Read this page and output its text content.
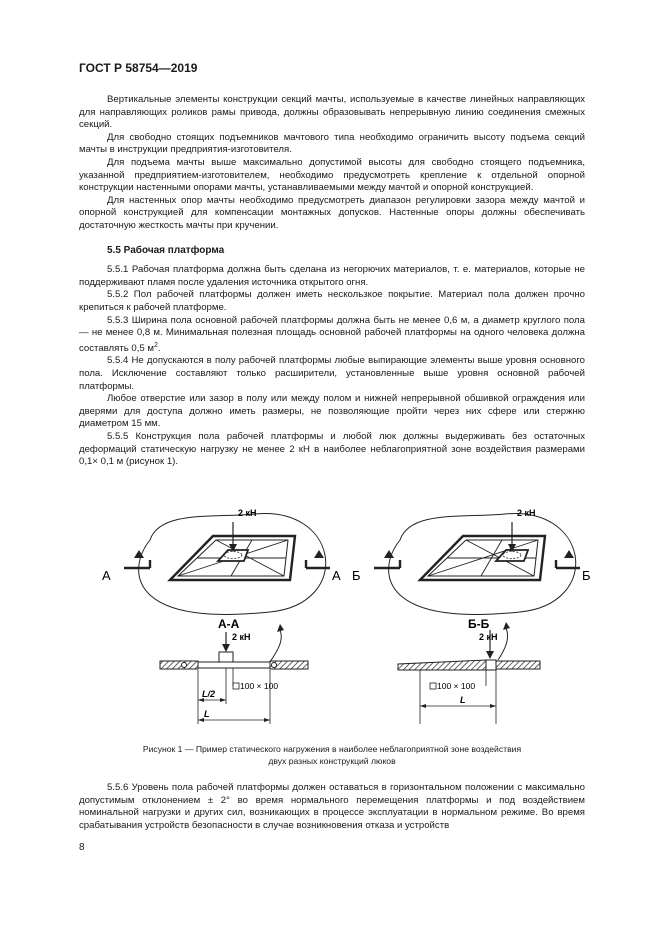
ГОСТ Р 58754—2019

Вертикальные элементы конструкции секций мачты, используемые в качестве линейных направляющих для направляющих роликов рамы привода, должны образовывать непрерывную линию соединения смежных секций.

Для свободно стоящих подъемников мачтового типа необходимо ограничить высоту подъема секций мачты в инструкции предприятия-изготовителя.

Для подъема мачты выше максимально допустимой высоты для свободно стоящего подъемника, указанной предприятием-изготовителем, необходимо предусмотреть крепление к отдельной опорной конструкции настенными опорами мачты, устанавливаемыми между мачтой и опорной конструкцией.

Для настенных опор мачты необходимо предусмотреть диапазон регулировки зазора между мачтой и опорной конструкцией для компенсации монтажных допусков. Настенные опоры должны обеспечивать достаточную жесткость мачты при кручении.

5.5 Рабочая платформа

5.5.1 Рабочая платформа должна быть сделана из негорючих материалов, т. е. материалов, которые не поддерживают пламя после удаления источника открытого огня.

5.5.2 Пол рабочей платформы должен иметь нескользкое покрытие. Материал пола должен прочно крепиться к рабочей платформе.

5.5.3 Ширина пола основной рабочей платформы должна быть не менее 0,6 м, а диаметр круглого пола — не менее 0,8 м. Минимальная полезная площадь основной рабочей платформы на одного человека должна составлять 0,5 $м^2$.

5.5.4 Не допускаются в полу рабочей платформы любые выпирающие элементы выше уровня основного пола. Исключение составляют только расширители, установленные выше уровня основной рабочей платформы.

Любое отверстие или зазор в полу или между полом и нижней непрерывной обшивкой ограждения или дверями для доступа должно иметь размеры, не позволяющие пройти через них сфере или стержню диаметром 15 мм.

5.5.5 Конструкция пола рабочей платформы и любой люк должны выдерживать без остаточных деформаций статическую нагрузку не менее 2 кН в наиболее неблагоприятной зоне воздействия размерами 0,1× 0,1 м (рисунок 1).

2 кН
А	А
А-А
2 кН
Б	Б
Б-Б
2 кН
100 × 100
L/2
L
2 кН
100 × 100
L
Рисунок 1 — Пример статического нагружения в наиболее неблагоприятной зоне воздействия
двух разных конструкций люков

5.5.6 Уровень пола рабочей платформы должен оставаться в горизонтальном положении с максимально допустимым отклонением ± 2° во время нормального перемещения платформы и под воздействием номинальной нагрузки и других сил, возникающих в процессе эксплуатации в нормальном режиме. Во время срабатывания устройств безопасности в случае возникновения отказа и устройств

8
